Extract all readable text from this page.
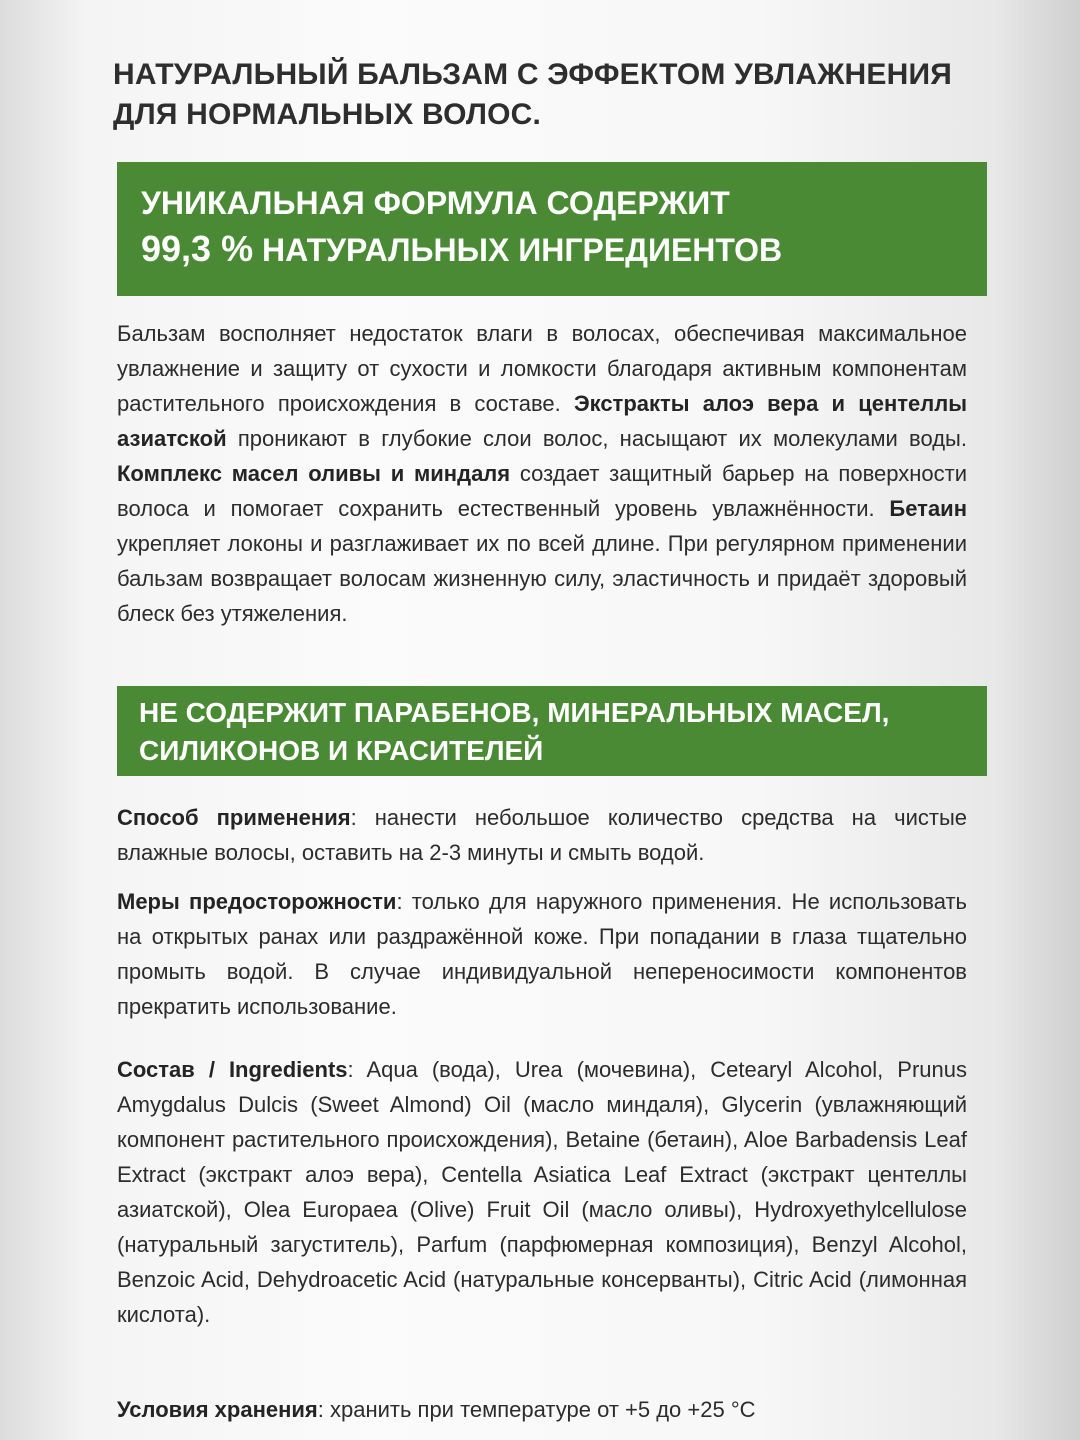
НАТУРАЛЬНЫЙ БАЛЬЗАМ С ЭФФЕКТОМ УВЛАЖНЕНИЯ
ДЛЯ НОРМАЛЬНЫХ ВОЛОС.
УНИКАЛЬНАЯ ФОРМУЛА СОДЕРЖИТ
99,3 % НАТУРАЛЬНЫХ ИНГРЕДИЕНТОВ
Бальзам восполняет недостаток влаги в волосах, обеспечивая максимальное увлажнение и защиту от сухости и ломкости благодаря активным компонентам растительного происхождения в составе. Экстракты алоэ вера и центеллы азиатской проникают в глубокие слои волос, насыщают их молекулами воды. Комплекс масел оливы и миндаля создает защитный барьер на поверхности волоса и помогает сохранить естественный уровень увлажнённости. Бетаин укрепляет локоны и разглаживает их по всей длине. При регулярном применении бальзам возвращает волосам жизненную силу, эластичность и придаёт здоровый блеск без утяжеления.
НЕ СОДЕРЖИТ ПАРАБЕНОВ, МИНЕРАЛЬНЫХ МАСЕЛ,
СИЛИКОНОВ И КРАСИТЕЛЕЙ
Способ применения: нанести небольшое количество средства на чистые влажные волосы, оставить на 2-3 минуты и смыть водой.
Меры предосторожности: только для наружного применения. Не использовать на открытых ранах или раздражённой коже. При попадании в глаза тщательно промыть водой. В случае индивидуальной непереносимости компонентов прекратить использование.
Состав / Ingredients: Aqua (вода), Urea (мочевина), Cetearyl Alcohol, Prunus Amygdalus Dulcis (Sweet Almond) Oil (масло миндаля), Glycerin (увлажняющий компонент растительного происхождения), Betaine (бетаин), Aloe Barbadensis Leaf Extract (экстракт алоэ вера), Centella Asiatica Leaf Extract (экстракт центеллы азиатской), Olea Europaea (Olive) Fruit Oil (масло оливы), Hydroxyethylcellulose (натуральный загуститель), Parfum (парфюмерная композиция), Benzyl Alcohol, Benzoic Acid, Dehydroacetic Acid (натуральные консерванты), Citric Acid (лимонная кислота).
Условия хранения: хранить при температуре от +5 до +25 °C
